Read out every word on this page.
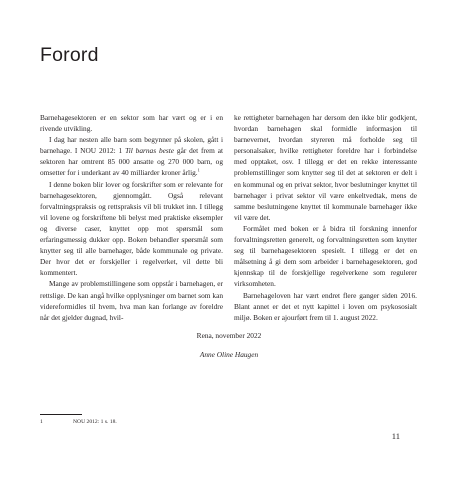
Forord

Barnehagesektoren er en sektor som har vært og er i en rivende utvikling.

I dag har nesten alle barn som begynner på skolen, gått i barnehage. I NOU 2012: 1 Til barnas beste går det frem at sektoren har omtrent 85 000 ansatte og 270 000 barn, og omsetter for i underkant av 40 milliarder kroner årlig.$^1$

I denne boken blir lover og forskrifter som er relevante for barnehagesektoren, gjennomgått. Også relevant forvaltningspraksis og rettspraksis vil bli trukket inn. I tillegg vil lovene og forskriftene bli belyst med praktiske eksempler og diverse caser, knyttet opp mot spørsmål som erfaringsmessig dukker opp. Boken behandler spørsmål som knytter seg til alle barnehager, både kommunale og private. Der hvor det er forskjeller i regelverket, vil dette bli kommentert.

Mange av problemstillingene som oppstår i barnehagen, er rettslige. De kan angå hvilke opplysninger om barnet som kan videreformidles til hvem, hva man kan forlange av foreldre når det gjelder dugnad, hvil-

ke rettigheter barnehagen har dersom den ikke blir godkjent, hvordan barnehagen skal formidle informasjon til barnevernet, hvordan styreren må forholde seg til personalsaker, hvilke rettigheter foreldre har i forbindelse med opptaket, osv. I tillegg er det en rekke interessante problemstillinger som knytter seg til det at sektoren er delt i en kommunal og en privat sektor, hvor beslutninger knyttet til barnehager i privat sektor vil være enkeltvedtak, mens de samme beslutningene knyttet til kommunale barnehager ikke vil være det.

Formålet med boken er å bidra til forskning innenfor forvaltningsretten generelt, og forvaltningsretten som knytter seg til barnehagesektoren spesielt. I tillegg er det en målsetning å gi dem som arbeider i barnehagesektoren, god kjennskap til de forskjellige regelverkene som regulerer virksomheten.

Barnehageloven har vært endret flere ganger siden 2016. Blant annet er det et nytt kapittel i loven om psykososialt miljø. Boken er ajourført frem til 1. august 2022.

Rena, november 2022
Anne Oline Haugen
1	NOU 2012: 1 s. 18.
11
